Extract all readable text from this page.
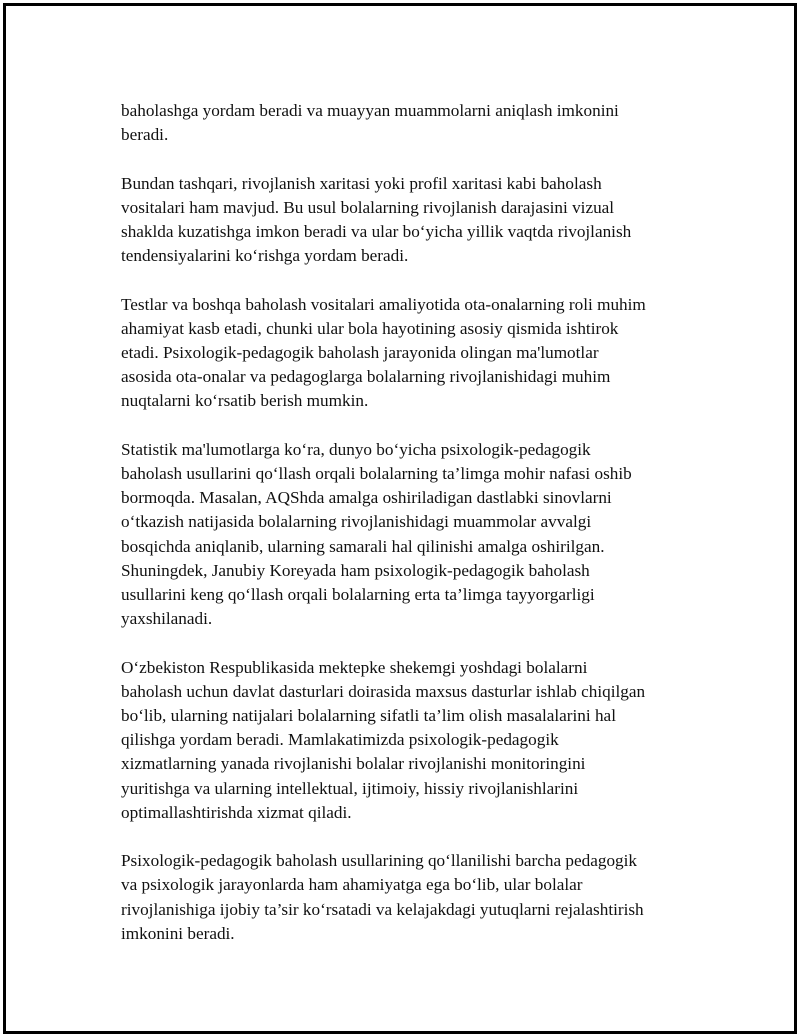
baholashga yordam beradi va muayyan muammolarni aniqlash imkonini
beradi.

Bundan tashqari, rivojlanish xaritasi yoki profil xaritasi kabi baholash
vositalari ham mavjud. Bu usul bolalarning rivojlanish darajasini vizual
shaklda kuzatishga imkon beradi va ular bo‘yicha yillik vaqtda rivojlanish
tendensiyalarini ko‘rishga yordam beradi.

Testlar va boshqa baholash vositalari amaliyotida ota-onalarning roli muhim
ahamiyat kasb etadi, chunki ular bola hayotining asosiy qismida ishtirok
etadi. Psixologik-pedagogik baholash jarayonida olingan ma'lumotlar
asosida ota-onalar va pedagoglarga bolalarning rivojlanishidagi muhim
nuqtalarni ko‘rsatib berish mumkin.

Statistik ma'lumotlarga ko‘ra, dunyo bo‘yicha psixologik-pedagogik
baholash usullarini qo‘llash orqali bolalarning ta’limga mohir nafasi oshib
bormoqda. Masalan, AQShda amalga oshiriladigan dastlabki sinovlarni
o‘tkazish natijasida bolalarning rivojlanishidagi muammolar avvalgi
bosqichda aniqlanib, ularning samarali hal qilinishi amalga oshirilgan.
Shuningdek, Janubiy Koreyada ham psixologik-pedagogik baholash
usullarini keng qo‘llash orqali bolalarning erta ta’limga tayyorgarligi
yaxshilanadi.

O‘zbekiston Respublikasida mektepke shekemgi yoshdagi bolalarni
baholash uchun davlat dasturlari doirasida maxsus dasturlar ishlab chiqilgan
bo‘lib, ularning natijalari bolalarning sifatli ta’lim olish masalalarini hal
qilishga yordam beradi. Mamlakatimizda psixologik-pedagogik
xizmatlarning yanada rivojlanishi bolalar rivojlanishi monitoringini
yuritishga va ularning intellektual, ijtimoiy, hissiy rivojlanishlarini
optimallashtirishda xizmat qiladi.

Psixologik-pedagogik baholash usullarining qo‘llanilishi barcha pedagogik
va psixologik jarayonlarda ham ahamiyatga ega bo‘lib, ular bolalar
rivojlanishiga ijobiy ta’sir ko‘rsatadi va kelajakdagi yutuqlarni rejalashtirish
imkonini beradi.
